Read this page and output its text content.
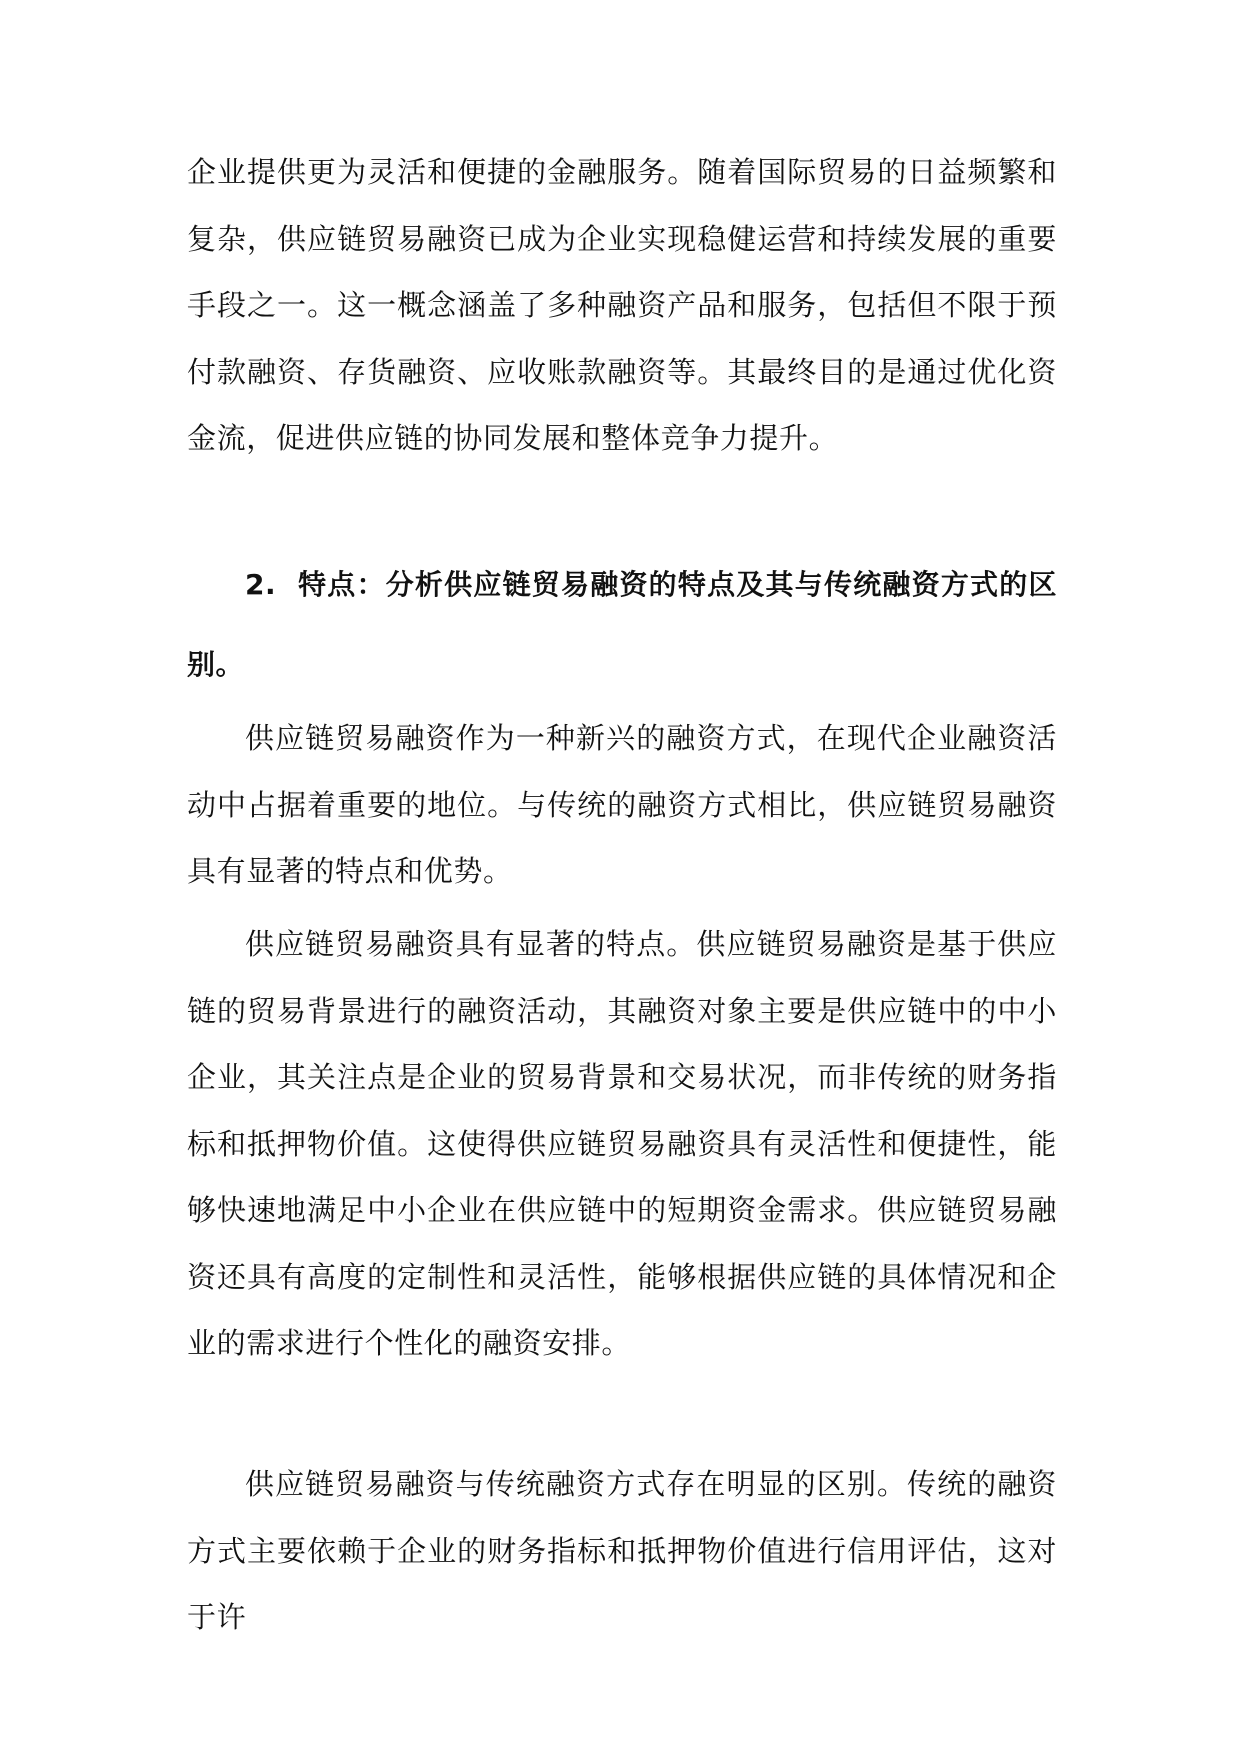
企业提供更为灵活和便捷的金融服务。随着国际贸易的日益频繁和复杂，供应链贸易融资已成为企业实现稳健运营和持续发展的重要手段之一。这一概念涵盖了多种融资产品和服务，包括但不限于预付款融资、存货融资、应收账款融资等。其最终目的是通过优化资金流，促进供应链的协同发展和整体竞争力提升。

2. 特点：分析供应链贸易融资的特点及其与传统融资方式的区别。

供应链贸易融资作为一种新兴的融资方式，在现代企业融资活动中占据着重要的地位。与传统的融资方式相比，供应链贸易融资具有显著的特点和优势。

供应链贸易融资具有显著的特点。供应链贸易融资是基于供应链的贸易背景进行的融资活动，其融资对象主要是供应链中的中小企业，其关注点是企业的贸易背景和交易状况，而非传统的财务指标和抵押物价值。这使得供应链贸易融资具有灵活性和便捷性，能够快速地满足中小企业在供应链中的短期资金需求。供应链贸易融资还具有高度的定制性和灵活性，能够根据供应链的具体情况和企业的需求进行个性化的融资安排。

供应链贸易融资与传统融资方式存在明显的区别。传统的融资方式主要依赖于企业的财务指标和抵押物价值进行信用评估，这对于许
